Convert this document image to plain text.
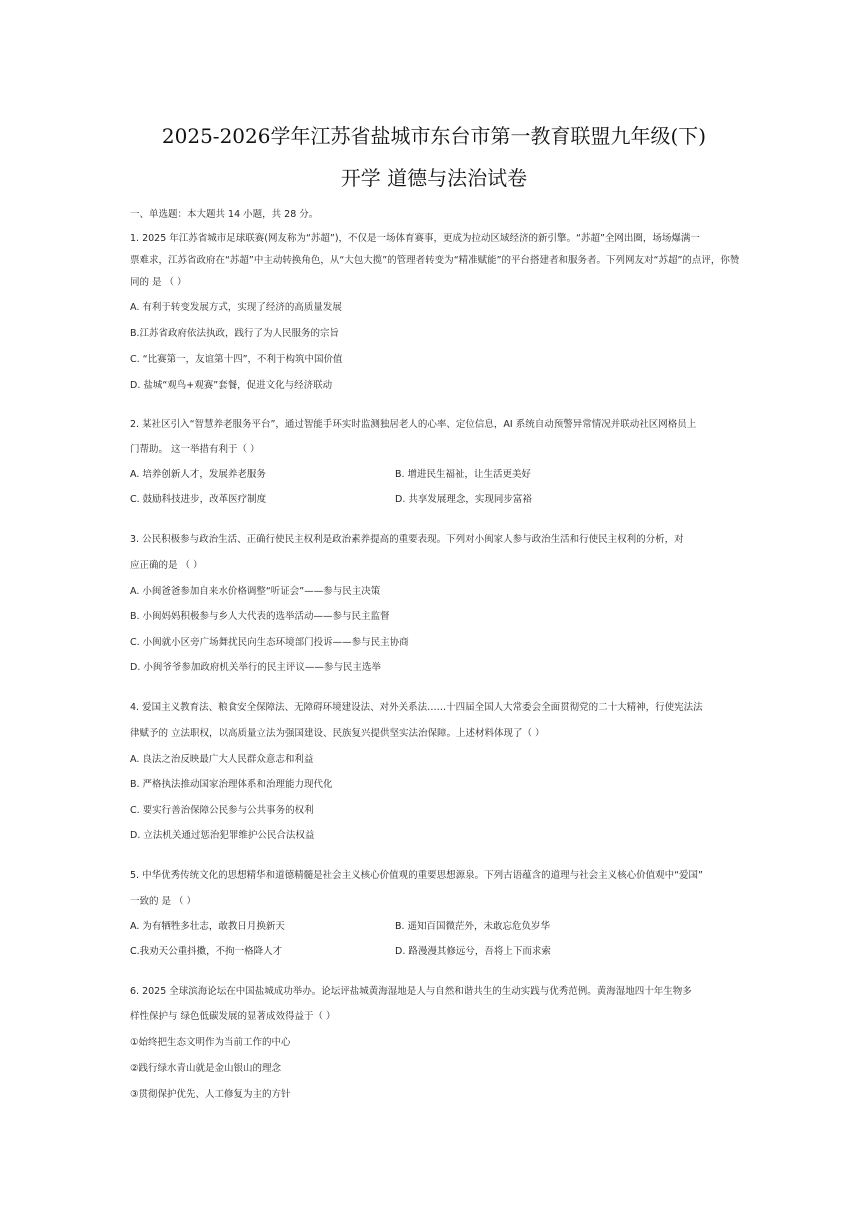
2025-2026学年江苏省盐城市东台市第一教育联盟九年级(下)
开学 道德与法治试卷
一、单选题：本大题共 14 小题，共 28 分。
1. 2025 年江苏省城市足球联赛(网友称为“苏超”)，不仅是一场体育赛事，更成为拉动区域经济的新引擎。“苏超”全网出圈，场场爆满一
票难求，江苏省政府在“苏超”中主动转换角色，从“大包大揽”的管理者转变为“精准赋能”的平台搭建者和服务者。下列网友对“苏超”的点评，你赞
同的 是 （ ）
A. 有利于转变发展方式，实现了经济的高质量发展
B.江苏省政府依法执政，践行了为人民服务的宗旨
C. “比赛第一，友谊第十四”，不利于构筑中国价值
D. 盐城“观鸟+观赛”套餐，促进文化与经济联动
2. 某社区引入“智慧养老服务平台”，通过智能手环实时监测独居老人的心率、定位信息，AI 系统自动预警异常情况并联动社区网格员上
门帮助。 这一举措有利于（ ）
A. 培养创新人才，发展养老服务	B. 增进民生福祉，让生活更美好
C. 鼓励科技进步，改革医疗制度	D. 共享发展理念，实现同步富裕
3. 公民积极参与政治生活、正确行使民主权利是政治素养提高的重要表现。下列对小闽家人参与政治生活和行使民主权利的分析，对
应正确的是 （ ）
A. 小闽爸爸参加自来水价格调整“听证会”——参与民主决策
B. 小闽妈妈积极参与乡人大代表的选举活动——参与民主监督
C. 小闽就小区旁广场舞扰民向生态环境部门投诉——参与民主协商
D. 小闽爷爷参加政府机关举行的民主评议——参与民主选举
4. 爱国主义教育法、粮食安全保障法、无障碍环境建设法、对外关系法……十四届全国人大常委会全面贯彻党的二十大精神，行使宪法法
律赋予的 立法职权，以高质量立法为强国建设、民族复兴提供坚实法治保障。上述材料体现了（ ）
A. 良法之治反映最广大人民群众意志和利益
B. 严格执法推动国家治理体系和治理能力现代化
C. 要实行善治保障公民参与公共事务的权利
D. 立法机关通过惩治犯罪维护公民合法权益
5. 中华优秀传统文化的思想精华和道德精髓是社会主义核心价值观的重要思想源泉。下列古语蕴含的道理与社会主义核心价值观中“爱国”
一致的 是 （ ）
A. 为有牺牲多壮志，敢教日月换新天	B. 遥知百国微茫外，未敢忘危负岁华
C.我劝天公重抖擞，不拘一格降人才	D. 路漫漫其修远兮，吾将上下而求索
6. 2025 全球滨海论坛在中国盐城成功举办。论坛评盐城黄海湿地是人与自然和谐共生的生动实践与优秀范例。黄海湿地四十年生物多
样性保护与 绿色低碳发展的显著成效得益于（ ）
①始终把生态文明作为当前工作的中心
②践行绿水青山就是金山银山的理念
③贯彻保护优先、人工修复为主的方针
